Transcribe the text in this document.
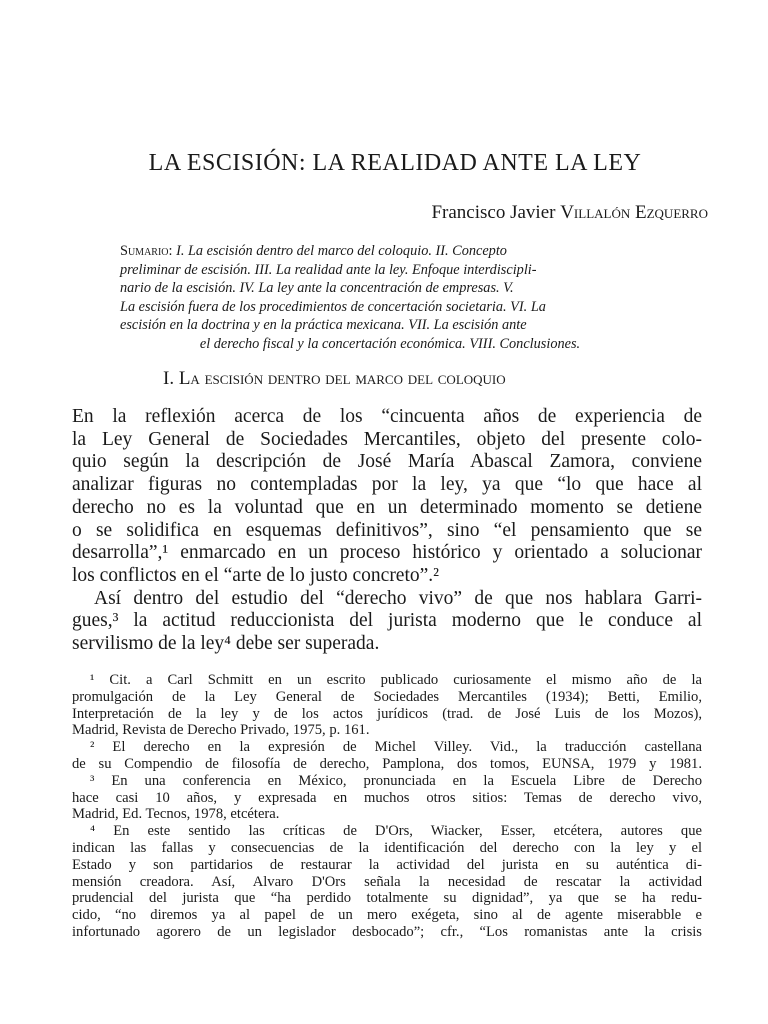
LA ESCISIÓN: LA REALIDAD ANTE LA LEY
Francisco Javier Villalón Ezquerro
Sumario: I. La escisión dentro del marco del coloquio. II. Concepto
preliminar de escisión. III. La realidad ante la ley. Enfoque interdiscipli-
nario de la escisión. IV. La ley ante la concentración de empresas. V.
La escisión fuera de los procedimientos de concertación societaria. VI. La
escisión en la doctrina y en la práctica mexicana. VII. La escisión ante
el derecho fiscal y la concertación económica. VIII. Conclusiones.
I. La escisión dentro del marco del coloquio
En la reflexión acerca de los “cincuenta años de experiencia de
la Ley General de Sociedades Mercantiles, objeto del presente colo-
quio según la descripción de José María Abascal Zamora, conviene
analizar figuras no contempladas por la ley, ya que “lo que hace al
derecho no es la voluntad que en un determinado momento se detiene
o se solidifica en esquemas definitivos”, sino “el pensamiento que se
desarrolla”,¹ enmarcado en un proceso histórico y orientado a solucionar
los conflictos en el “arte de lo justo concreto”.²
Así dentro del estudio del “derecho vivo” de que nos hablara Garri-
gues,³ la actitud reduccionista del jurista moderno que le conduce al
servilismo de la ley⁴ debe ser superada.
¹ Cit. a Carl Schmitt en un escrito publicado curiosamente el mismo año de la
promulgación de la Ley General de Sociedades Mercantiles (1934); Betti, Emilio,
Interpretación de la ley y de los actos jurídicos (trad. de José Luis de los Mozos),
Madrid, Revista de Derecho Privado, 1975, p. 161.
² El derecho en la expresión de Michel Villey. Vid., la traducción castellana
de su Compendio de filosofía de derecho, Pamplona, dos tomos, EUNSA, 1979 y 1981.
³ En una conferencia en México, pronunciada en la Escuela Libre de Derecho
hace casi 10 años, y expresada en muchos otros sitios: Temas de derecho vivo,
Madrid, Ed. Tecnos, 1978, etcétera.
⁴ En este sentido las críticas de D'Ors, Wiacker, Esser, etcétera, autores que
indican las fallas y consecuencias de la identificación del derecho con la ley y el
Estado y son partidarios de restaurar la actividad del jurista en su auténtica di-
mensión creadora. Así, Alvaro D'Ors señala la necesidad de rescatar la actividad
prudencial del jurista que “ha perdido totalmente su dignidad”, ya que se ha redu-
cido, “no diremos ya al papel de un mero exégeta, sino al de agente miserabble e
infortunado agorero de un legislador desbocado”; cfr., “Los romanistas ante la crisis
